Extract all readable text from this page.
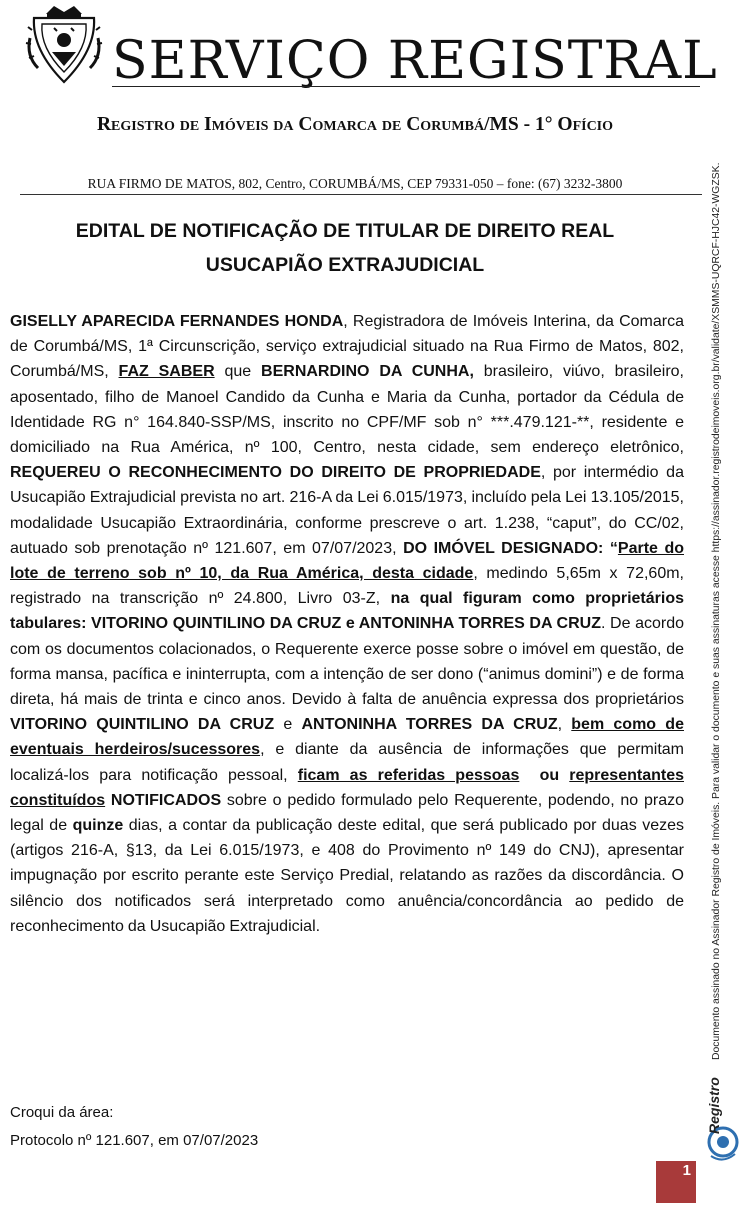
SERVIÇO REGISTRAL
Registro de Imóveis da Comarca de Corumbá/MS - 1° Ofício
RUA FIRMO DE MATOS, 802, Centro, CORUMBÁ/MS, CEP 79331-050 – fone: (67) 3232-3800
EDITAL DE NOTIFICAÇÃO DE TITULAR DE DIREITO REAL
USUCAPIÃO EXTRAJUDICIAL
GISELLY APARECIDA FERNANDES HONDA, Registradora de Imóveis Interina, da Comarca de Corumbá/MS, 1ª Circunscrição, serviço extrajudicial situado na Rua Firmo de Matos, 802, Corumbá/MS, FAZ SABER que BERNARDINO DA CUNHA, brasileiro, viúvo, brasileiro, aposentado, filho de Manoel Candido da Cunha e Maria da Cunha, portador da Cédula de Identidade RG n° 164.840-SSP/MS, inscrito no CPF/MF sob n° ***.479.121-**, residente e domiciliado na Rua América, nº 100, Centro, nesta cidade, sem endereço eletrônico, REQUEREU O RECONHECIMENTO DO DIREITO DE PROPRIEDADE, por intermédio da Usucapião Extrajudicial prevista no art. 216-A da Lei 6.015/1973, incluído pela Lei 13.105/2015, modalidade Usucapião Extraordinária, conforme prescreve o art. 1.238, “caput”, do CC/02, autuado sob prenotação nº 121.607, em 07/07/2023, DO IMÓVEL DESIGNADO: “Parte do lote de terreno sob nº 10, da Rua América, desta cidade, medindo 5,65m x 72,60m, registrado na transcrição nº 24.800, Livro 03-Z, na qual figuram como proprietários tabulares: VITORINO QUINTILINO DA CRUZ e ANTONINHA TORRES DA CRUZ. De acordo com os documentos colacionados, o Requerente exerce posse sobre o imóvel em questão, de forma mansa, pacífica e ininterrupta, com a intenção de ser dono (“animus domini”) e de forma direta, há mais de trinta e cinco anos. Devido à falta de anuência expressa dos proprietários VITORINO QUINTILINO DA CRUZ e ANTONINHA TORRES DA CRUZ, bem como de eventuais herdeiros/sucessores, e diante da ausência de informações que permitam localizá-los para notificação pessoal, ficam as referidas pessoas ou representantes constituídos NOTIFICADOS sobre o pedido formulado pelo Requerente, podendo, no prazo legal de quinze dias, a contar da publicação deste edital, que será publicado por duas vezes (artigos 216-A, §13, da Lei 6.015/1973, e 408 do Provimento nº 149 do CNJ), apresentar impugnação por escrito perante este Serviço Predial, relatando as razões da discordância. O silêncio dos notificados será interpretado como anuência/concordância ao pedido de reconhecimento da Usucapião Extrajudicial.
Croqui da área:
Protocolo nº 121.607, em 07/07/2023
Documento assinado no Assinador Registro de Imóveis. Para validar o documento e suas assinaturas acesse https://assinador.registrodeimoveis.org.br/validate/XSMMS-UQRCF-HJC42-WGZSK.
Registro
1
